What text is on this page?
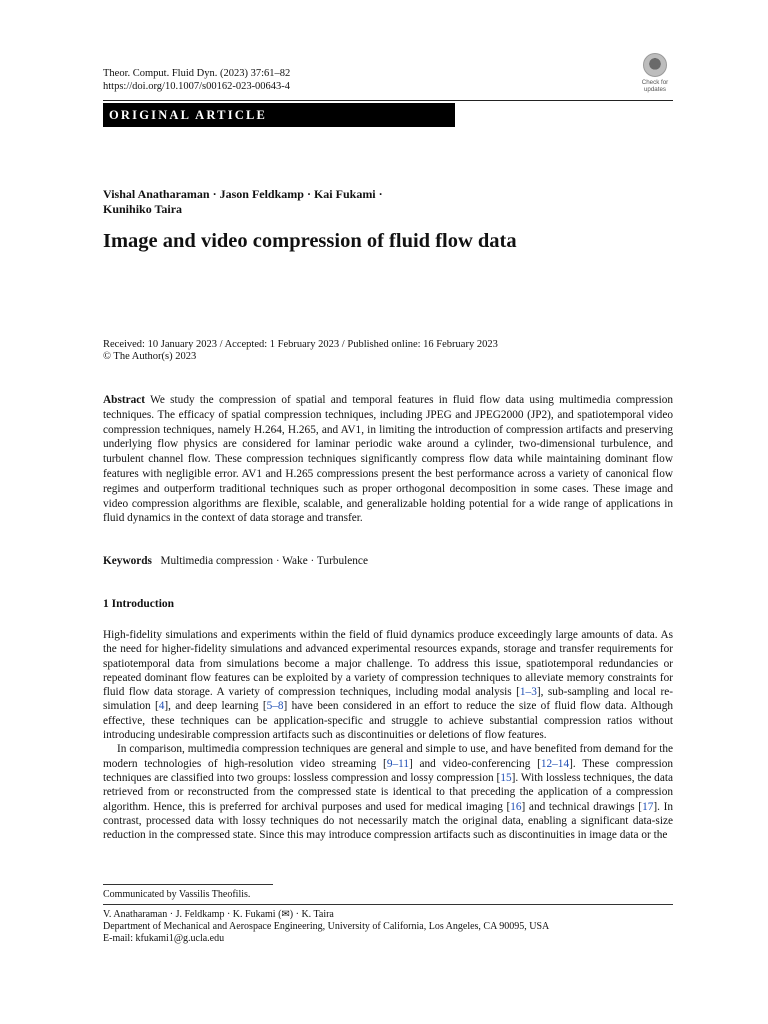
Theor. Comput. Fluid Dyn. (2023) 37:61–82
https://doi.org/10.1007/s00162-023-00643-4	Check for
updates
ORIGINAL ARTICLE
Vishal Anatharaman · Jason Feldkamp · Kai Fukami ·
Kunihiko Taira
Image and video compression of fluid flow data
Received: 10 January 2023 / Accepted: 1 February 2023 / Published online: 16 February 2023
© The Author(s) 2023
Abstract We study the compression of spatial and temporal features in fluid flow data using multimedia compression techniques. The efficacy of spatial compression techniques, including JPEG and JPEG2000 (JP2), and spatiotemporal video compression techniques, namely H.264, H.265, and AV1, in limiting the introduction of compression artifacts and preserving underlying flow physics are considered for laminar periodic wake around a cylinder, two-dimensional turbulence, and turbulent channel flow. These compression techniques significantly compress flow data while maintaining dominant flow features with negligible error. AV1 and H.265 compressions present the best performance across a variety of canonical flow regimes and outperform traditional techniques such as proper orthogonal decomposition in some cases. These image and video compression algorithms are flexible, scalable, and generalizable holding potential for a wide range of applications in fluid dynamics in the context of data storage and transfer.
Keywords Multimedia compression · Wake · Turbulence
1 Introduction

High-fidelity simulations and experiments within the field of fluid dynamics produce exceedingly large amounts of data. As the need for higher-fidelity simulations and advanced experimental resources expands, storage and transfer requirements for spatiotemporal data from simulations become a major challenge. To address this issue, spatiotemporal redundancies or repeated dominant flow features can be exploited by a variety of compression techniques to alleviate memory constraints for fluid flow data storage. A variety of compression techniques, including modal analysis [1–3], sub-sampling and local re-simulation [4], and deep learning [5–8] have been considered in an effort to reduce the size of fluid flow data. Although effective, these techniques can be application-specific and struggle to achieve substantial compression ratios without introducing undesirable compression artifacts such as discontinuities or deletions of flow features.

In comparison, multimedia compression techniques are general and simple to use, and have benefited from demand for the modern technologies of high-resolution video streaming [9–11] and video-conferencing [12–14]. These compression techniques are classified into two groups: lossless compression and lossy compression [15]. With lossless techniques, the data retrieved from or reconstructed from the compressed state is identical to that preceding the application of a compression algorithm. Hence, this is preferred for archival purposes and used for medical imaging [16] and technical drawings [17]. In contrast, processed data with lossy techniques do not necessarily match the original data, enabling a significant data-size reduction in the compressed state. Since this may introduce compression artifacts such as discontinuities in image data or the

Communicated by Vassilis Theofilis.
V. Anatharaman · J. Feldkamp · K. Fukami (✉) · K. Taira
Department of Mechanical and Aerospace Engineering, University of California, Los Angeles, CA 90095, USA
E-mail: kfukami1@g.ucla.edu
